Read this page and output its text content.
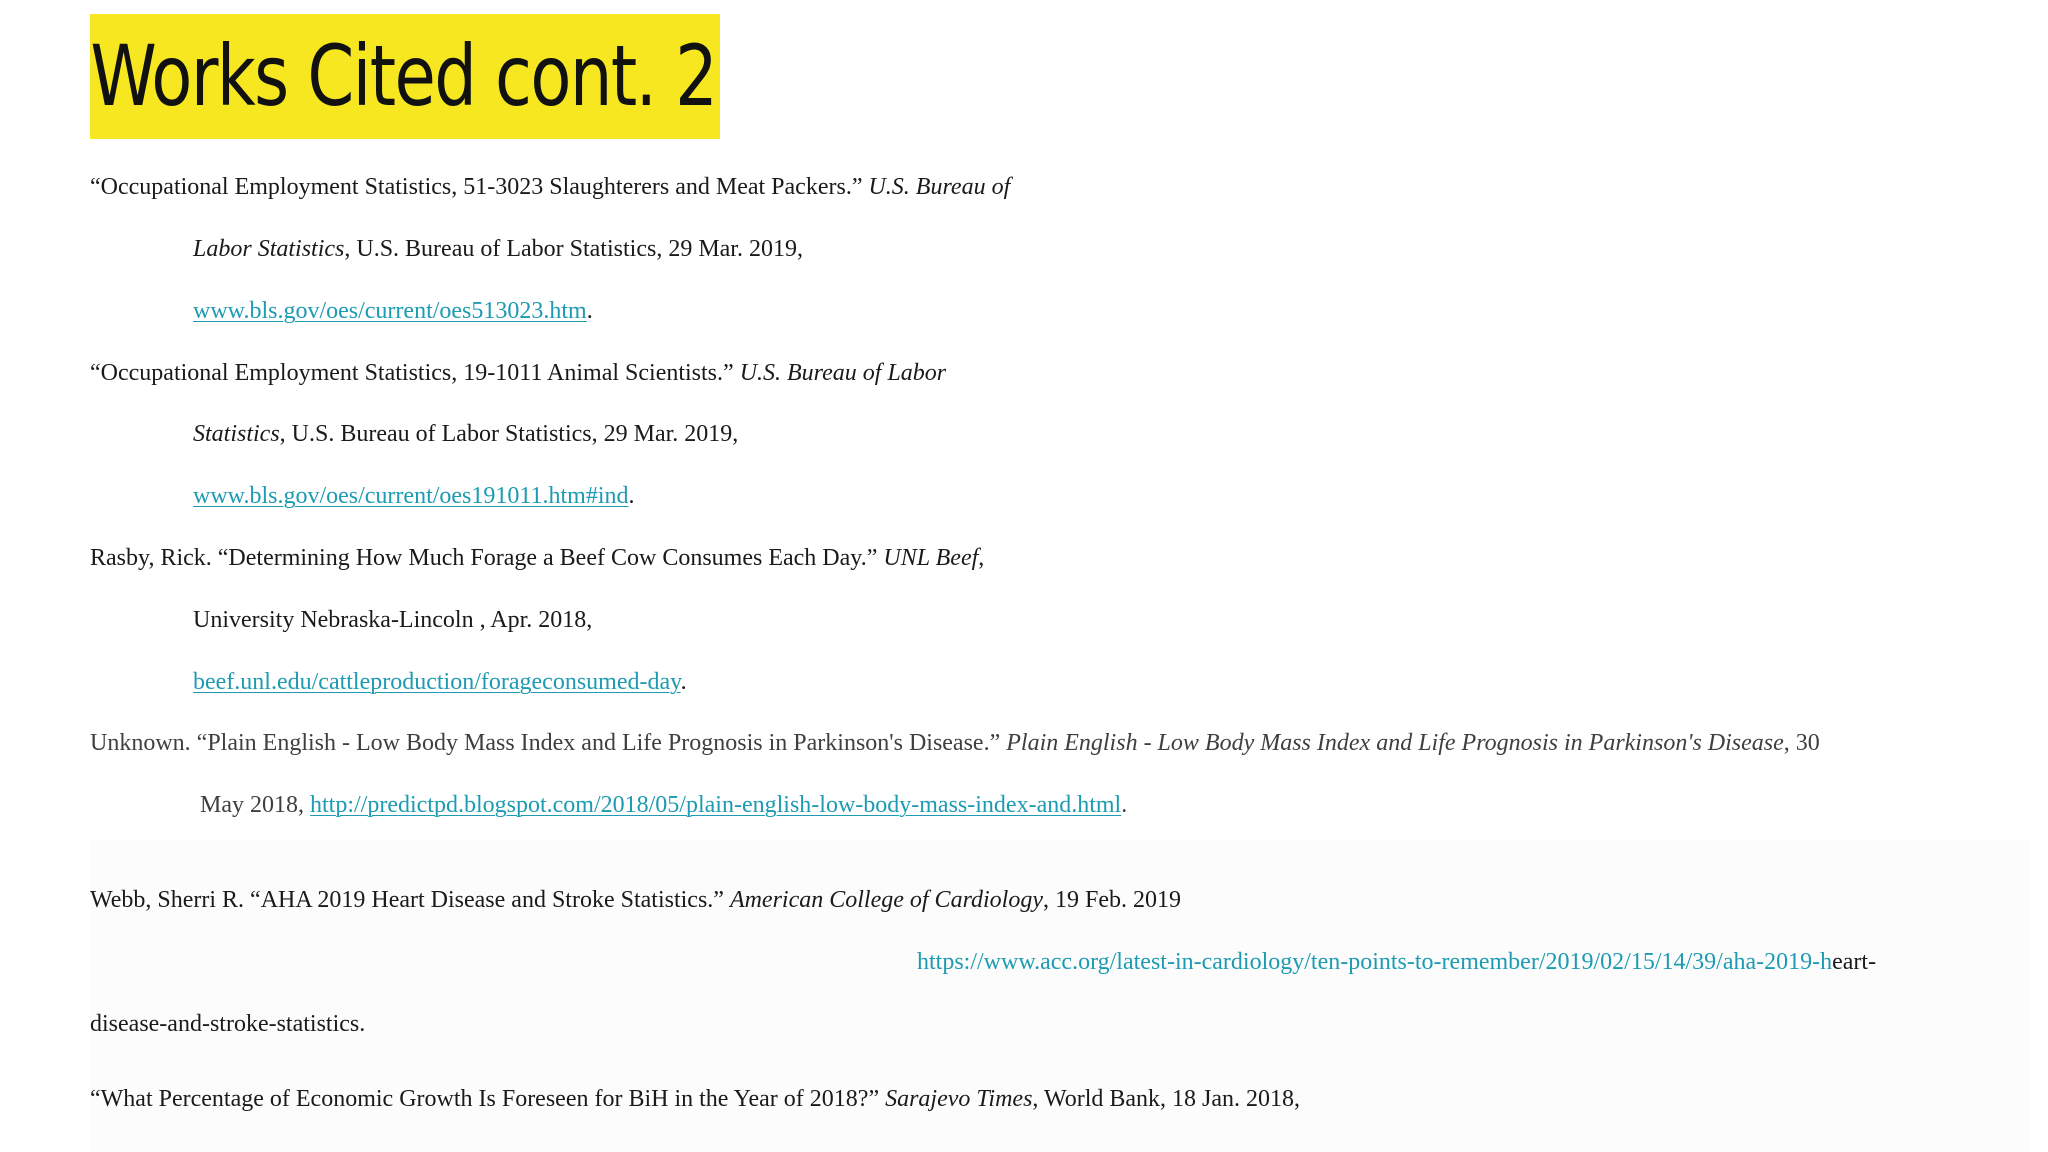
Works Cited cont. 2
“Occupational Employment Statistics, 51-3023 Slaughterers and Meat Packers.” U.S. Bureau of
Labor Statistics, U.S. Bureau of Labor Statistics, 29 Mar. 2019,
www.bls.gov/oes/current/oes513023.htm.
“Occupational Employment Statistics, 19-1011 Animal Scientists.” U.S. Bureau of Labor
Statistics, U.S. Bureau of Labor Statistics, 29 Mar. 2019,
www.bls.gov/oes/current/oes191011.htm#ind.
Rasby, Rick. “Determining How Much Forage a Beef Cow Consumes Each Day.” UNL Beef,
University Nebraska-Lincoln , Apr. 2018,
beef.unl.edu/cattleproduction/forageconsumed-day.
Unknown. “Plain English - Low Body Mass Index and Life Prognosis in Parkinson's Disease.” Plain English - Low Body Mass Index and Life Prognosis in Parkinson's Disease, 30
May 2018, http://predictpd.blogspot.com/2018/05/plain-english-low-body-mass-index-and.html.
Webb, Sherri R. “AHA 2019 Heart Disease and Stroke Statistics.” American College of Cardiology, 19 Feb. 2019
https://www.acc.org/latest-in-cardiology/ten-points-to-remember/2019/02/15/14/39/aha-2019-heart-
disease-and-stroke-statistics.
“What Percentage of Economic Growth Is Foreseen for BiH in the Year of 2018?” Sarajevo Times, World Bank, 18 Jan. 2018,
